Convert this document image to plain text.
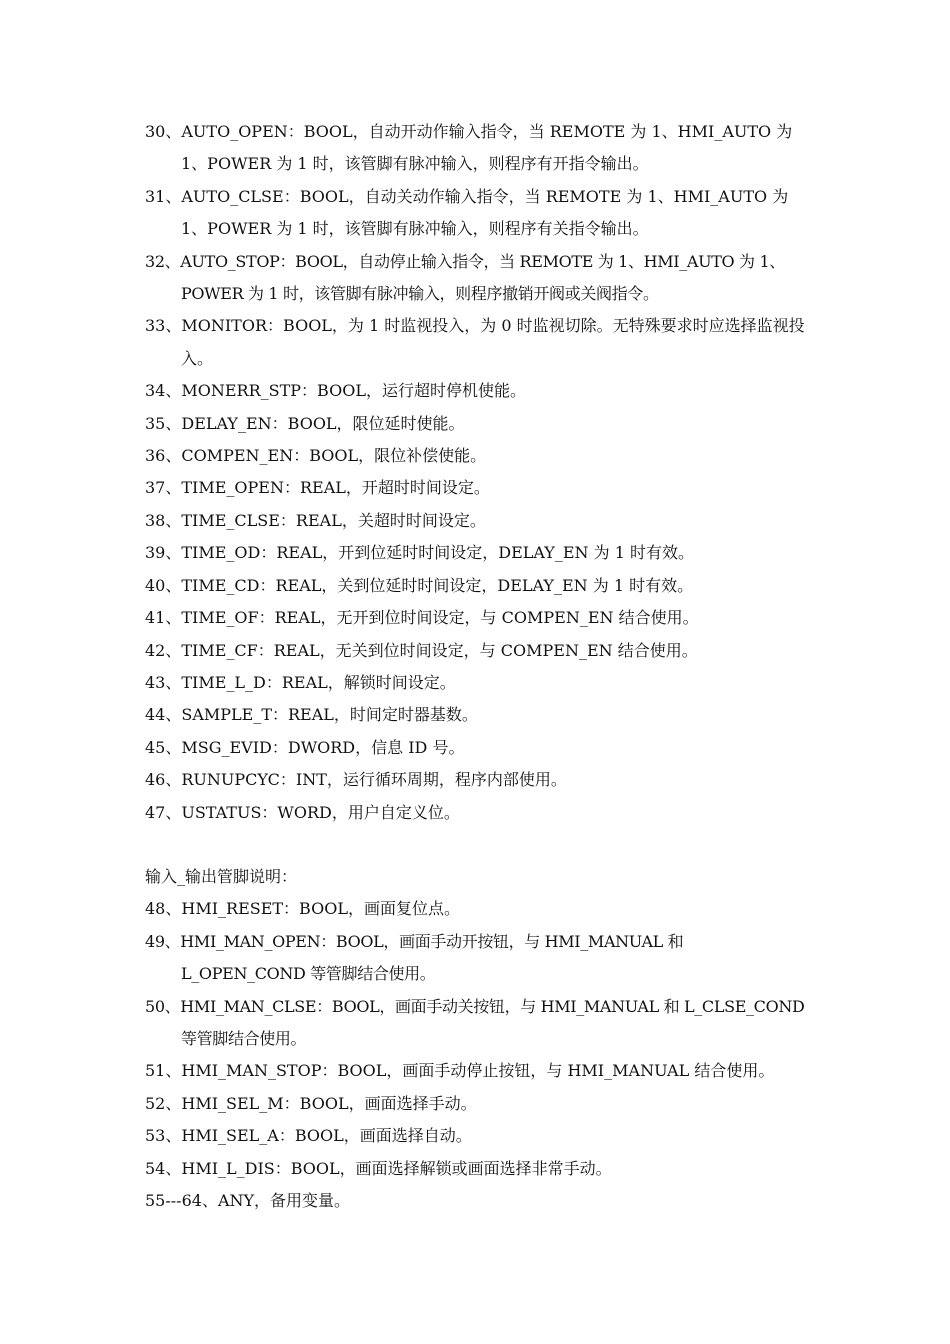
30、AUTO_OPEN：BOOL，自动开动作输入指令，当 REMOTE 为 1、HMI_AUTO 为 1、POWER 为 1 时，该管脚有脉冲输入，则程序有开指令输出。

31、AUTO_CLSE：BOOL，自动关动作输入指令，当 REMOTE 为 1、HMI_AUTO 为 1、POWER 为 1 时，该管脚有脉冲输入，则程序有关指令输出。

32、AUTO_STOP：BOOL，自动停止输入指令，当 REMOTE 为 1、HMI_AUTO 为 1、POWER 为 1 时，该管脚有脉冲输入，则程序撤销开阀或关阀指令。

33、MONITOR：BOOL，为 1 时监视投入，为 0 时监视切除。无特殊要求时应选择监视投入。

34、MONERR_STP：BOOL，运行超时停机使能。

35、DELAY_EN：BOOL，限位延时使能。

36、COMPEN_EN：BOOL，限位补偿使能。

37、TIME_OPEN：REAL，开超时时间设定。

38、TIME_CLSE：REAL，关超时时间设定。

39、TIME_OD：REAL，开到位延时时间设定，DELAY_EN 为 1 时有效。

40、TIME_CD：REAL，关到位延时时间设定，DELAY_EN 为 1 时有效。

41、TIME_OF：REAL，无开到位时间设定，与 COMPEN_EN 结合使用。

42、TIME_CF：REAL，无关到位时间设定，与 COMPEN_EN 结合使用。

43、TIME_L_D：REAL，解锁时间设定。

44、SAMPLE_T：REAL，时间定时器基数。

45、MSG_EVID：DWORD，信息 ID 号。

46、RUNUPCYC：INT，运行循环周期，程序内部使用。

47、USTATUS：WORD，用户自定义位。

输入_输出管脚说明：

48、HMI_RESET：BOOL，画面复位点。

49、HMI_MAN_OPEN：BOOL，画面手动开按钮，与 HMI_MANUAL 和 L_OPEN_COND 等管脚结合使用。

50、HMI_MAN_CLSE：BOOL，画面手动关按钮，与 HMI_MANUAL 和 L_CLSE_COND 等管脚结合使用。

51、HMI_MAN_STOP：BOOL，画面手动停止按钮，与 HMI_MANUAL 结合使用。

52、HMI_SEL_M：BOOL，画面选择手动。

53、HMI_SEL_A：BOOL，画面选择自动。

54、HMI_L_DIS：BOOL，画面选择解锁或画面选择非常手动。

55---64、ANY，备用变量。
